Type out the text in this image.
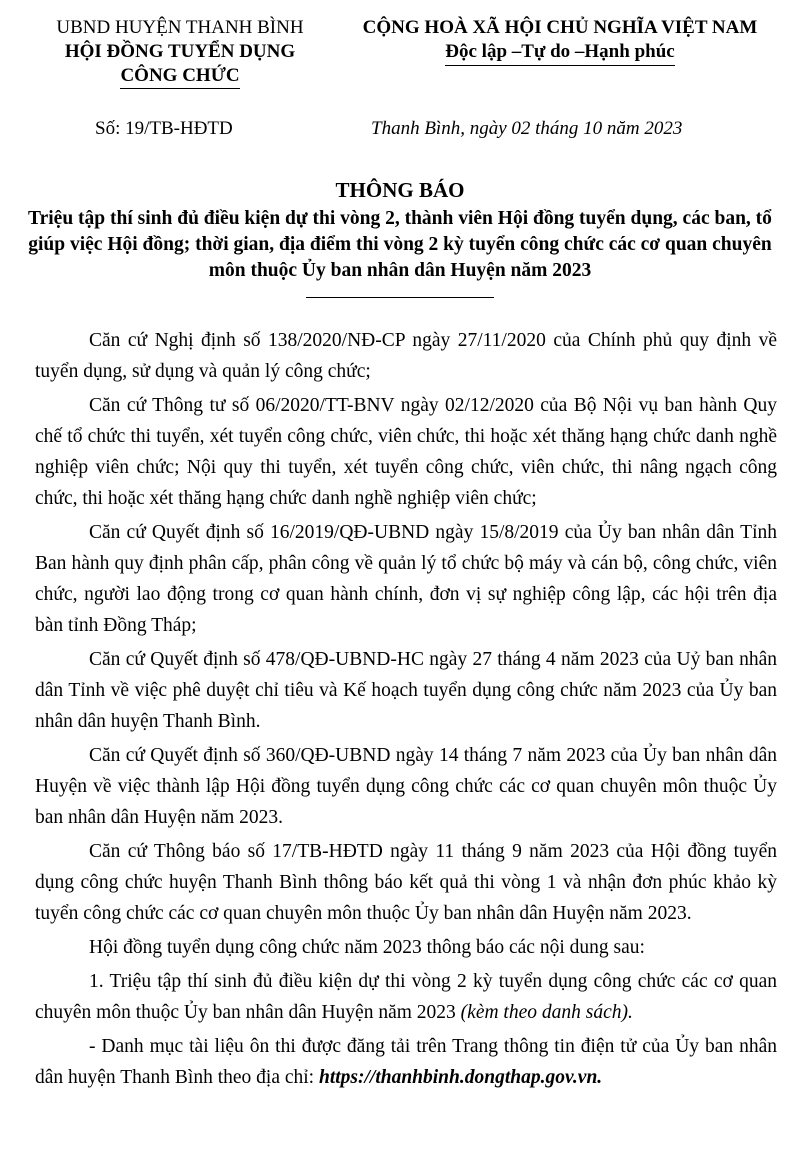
UBND HUYỆN THANH BÌNH
HỘI ĐỒNG TUYỂN DỤNG
CÔNG CHỨC
CỘNG HOÀ XÃ HỘI CHỦ NGHĨA VIỆT NAM
Độc lập –Tự do –Hạnh phúc
Số: 19/TB-HĐTD	Thanh Bình, ngày 02 tháng 10 năm 2023
THÔNG BÁO
Triệu tập thí sinh đủ điều kiện dự thi vòng 2, thành viên Hội đồng tuyển dụng, các ban, tổ giúp việc Hội đồng; thời gian, địa điểm thi vòng 2 kỳ tuyển công chức các cơ quan chuyên môn thuộc Ủy ban nhân dân Huyện năm 2023

Căn cứ Nghị định số 138/2020/NĐ-CP ngày 27/11/2020 của Chính phủ quy định về tuyển dụng, sử dụng và quản lý công chức;

Căn cứ Thông tư số 06/2020/TT-BNV ngày 02/12/2020 của Bộ Nội vụ ban hành Quy chế tổ chức thi tuyển, xét tuyển công chức, viên chức, thi hoặc xét thăng hạng chức danh nghề nghiệp viên chức; Nội quy thi tuyển, xét tuyển công chức, viên chức, thi nâng ngạch công chức, thi hoặc xét thăng hạng chức danh nghề nghiệp viên chức;

Căn cứ Quyết định số 16/2019/QĐ-UBND ngày 15/8/2019 của Ủy ban nhân dân Tỉnh Ban hành quy định phân cấp, phân công về quản lý tổ chức bộ máy và cán bộ, công chức, viên chức, người lao động trong cơ quan hành chính, đơn vị sự nghiệp công lập, các hội trên địa bàn tỉnh Đồng Tháp;

Căn cứ Quyết định số 478/QĐ-UBND-HC ngày 27 tháng 4 năm 2023 của Uỷ ban nhân dân Tỉnh về việc phê duyệt chỉ tiêu và Kế hoạch tuyển dụng công chức năm 2023 của Ủy ban nhân dân huyện Thanh Bình.

Căn cứ Quyết định số 360/QĐ-UBND ngày 14 tháng 7 năm 2023 của Ủy ban nhân dân Huyện về việc thành lập Hội đồng tuyển dụng công chức các cơ quan chuyên môn thuộc Ủy ban nhân dân Huyện năm 2023.

Căn cứ Thông báo số 17/TB-HĐTD ngày 11 tháng 9 năm 2023 của Hội đồng tuyển dụng công chức huyện Thanh Bình thông báo kết quả thi vòng 1 và nhận đơn phúc khảo kỳ tuyển công chức các cơ quan chuyên môn thuộc Ủy ban nhân dân Huyện năm 2023.

Hội đồng tuyển dụng công chức năm 2023 thông báo các nội dung sau:

1. Triệu tập thí sinh đủ điều kiện dự thi vòng 2 kỳ tuyển dụng công chức các cơ quan chuyên môn thuộc Ủy ban nhân dân Huyện năm 2023 (kèm theo danh sách).

- Danh mục tài liệu ôn thi được đăng tải trên Trang thông tin điện tử của Ủy ban nhân dân huyện Thanh Bình theo địa chỉ: https://thanhbinh.dongthap.gov.vn.
